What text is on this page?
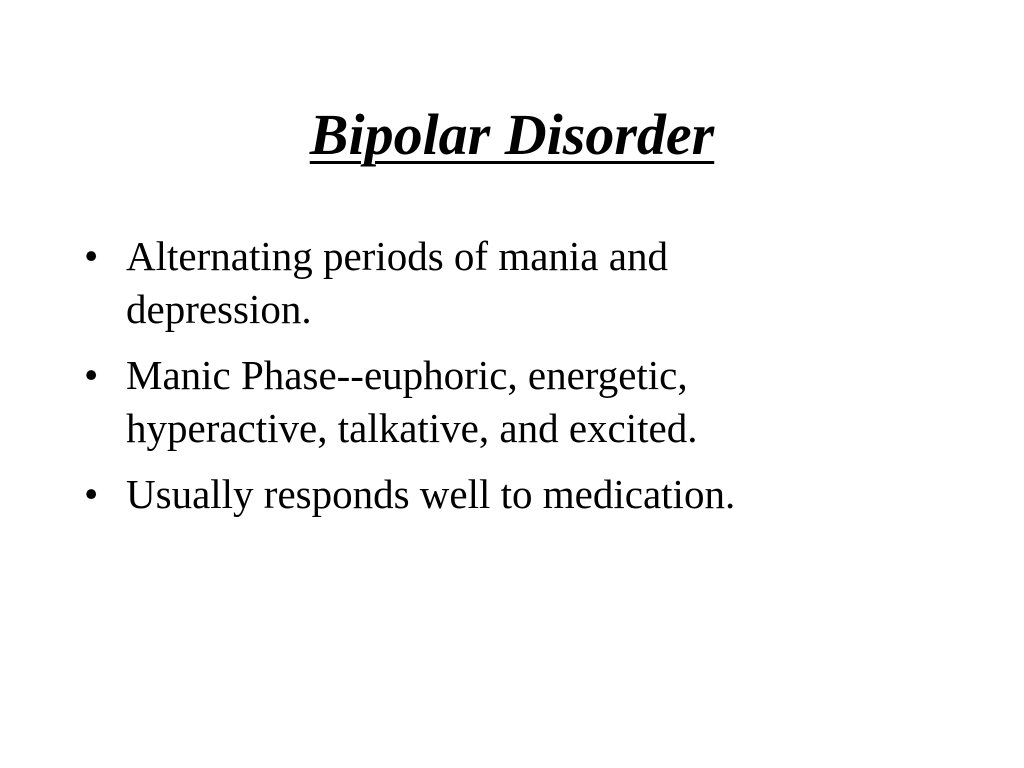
Bipolar Disorder
• Alternating periods of mania and depression.
• Manic Phase--euphoric, energetic, hyperactive, talkative, and excited.
• Usually responds well to medication.
